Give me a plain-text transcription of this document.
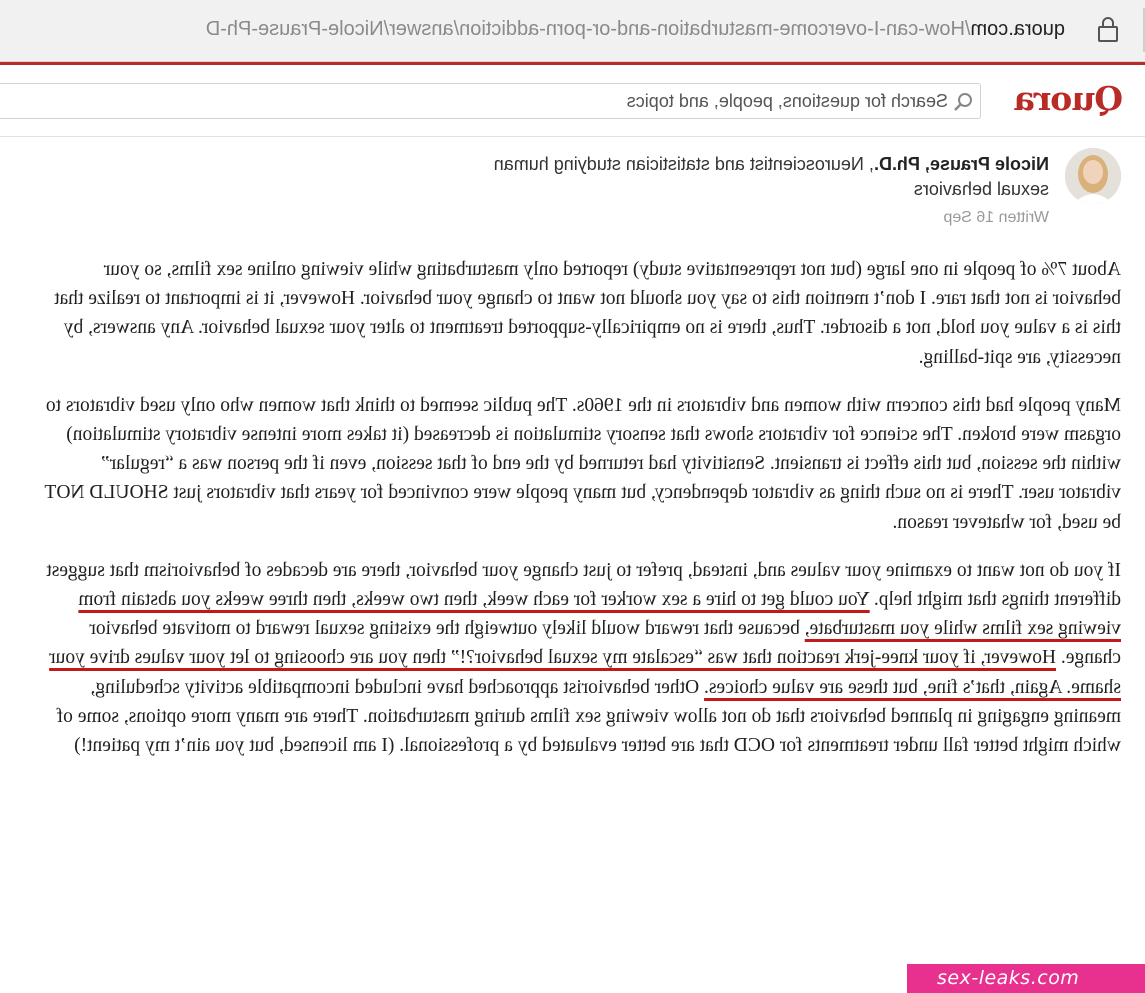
quora.com/How-can-I-overcome-masturbation-and-or-porn-addiction/answer/Nicole-Prause-Ph-D
Quora
Search for questions, people, and topics
Nicole Prause, Ph.D., Neuroscientist and statistician studying human sexual behaviors
Written 16 Sep

About 7% of people in one large (but not representative study) reported only masturbating while viewing online sex films, so your behavior is not that rare. I don’t mention this to say you should not want to change your behavior. However, it is important to realize that this is a value you hold, not a disorder. Thus, there is no empirically-supported treatment to alter your sexual behavior. Any answers, by necessity, are spit-balling.

Many people had this concern with women and vibrators in the 1960s. The public seemed to think that women who only used vibrators to orgasm were broken. The science for vibrators shows that sensory stimulation is decreased (it takes more intense vibratory stimulation) within the session, but this effect is transient. Sensitivity had returned by the end of that session, even if the person was a “regular” vibrator user. There is no such thing as vibrator dependency, but many people were convinced for years that vibrators just SHOULD NOT be used, for whatever reason.

If you do not want to examine your values and, instead, prefer to just change your behavior, there are decades of behaviorism that suggest different things that might help. You could get to hire a sex worker for each week, then two weeks, then three weeks you abstain from viewing sex films while you masturbate, because that reward would likely outweigh the existing sexual reward to motivate behavior change. However, if your knee-jerk reaction that was “escalate my sexual behavior?!” then you are choosing to let your values drive your shame. Again, that’s fine, but these are value choices. Other behaviorist approached have included incompatible activity scheduling, meaning engaging in planned behaviors that do not allow viewing sex films during masturbation. There are many more options, some of which might better fall under treatments for OCD that are better evaluated by a professional. (I am licensed, but you ain’t my patient!)

sex-leaks.com
